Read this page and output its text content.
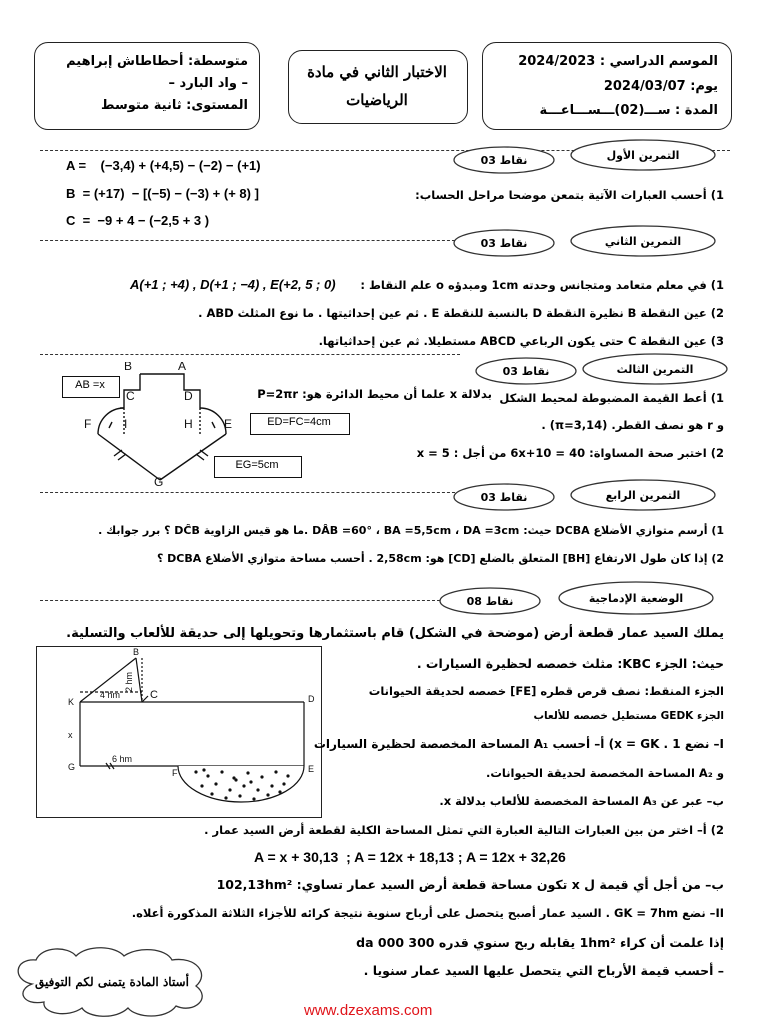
متوسطة: أحطاطاش إبراهيم
– واد البارد –
المستوى: ثانية متوسط
الاختبار الثاني في مادة
الرياضيات
الموسم الدراسي : 2024/2023
يوم: 2024/03/07
المدة : ســـ(02)ـــســـاعـــة
03 نقاط	التمرين الأول
A =    (−3,4) + (+4,5) − (−2) − (+1)
B  = (+17)  − [(−5) − (−3) + (+ 8) ]
C  =  −9 + 4 − (−2,5 + 3 )
1) أحسب العبارات الآتية بتمعن موضحا مراحل الحساب:
03 نقاط	التمرين الثاني
1) في معلم متعامد ومتجانس وحدته 1cm ومبدؤه o علم النقاط :
A(+1 ; +4) , D(+1 ; −4) , E(+2, 5 ; 0)
2) عين النقطة B نظيرة النقطة D بالنسبة للنقطة E . ثم عين إحداثيتها . ما نوع المثلث ABD .
3) عين النقطة C حتى يكون الرباعي ABCD مستطيلا. ثم عين إحداثياتها.
03 نقاط	التمرين الثالث
B	A
C	D
F	I	H	E
G
AB =x
ED=FC=4cm
EG=5cm
1) أعط القيمة المضبوطة لمحيط الشكل
بدلالة x علما أن محيط الدائرة هو: P=2πr
و r هو نصف القطر. (π=3,14) .
2) اختبر صحة المساواة: 6x+10 = 40 من أجل : x = 5
03 نقاط	التمرين الرابع
1) أرسم متوازي الأضلاع DCBA حيث: DÂB =60° ، BA =5,5cm ، DA =3cm .ما هو قيس الزاوية DĈB ؟ برر جوابك .
2) إذا كان طول الارتفاع [BH] المتعلق بالضلع [CD] هو: 2,58cm . أحسب مساحة متوازي الأضلاع DCBA ؟
08 نقاط	الوضعية الإدماجية
يملك السيد عمار قطعة أرض (موضحة في الشكل) قام باستثمارها وتحويلها إلى حديقة للألعاب والتسلية.
B
K
C	D
G
F	E
x
4 hm
6 hm
2 hm
حيث: الجزء KBC: مثلث خصصه لحظيرة السيارات .
الجزء المنقط: نصف قرص قطره [FE] خصصه لحديقة الحيوانات
الجزء GEDK مستطيل خصصه للألعاب
I– نضع x = GK . 1) أ– أحسب A₁ المساحة المخصصة لحظيرة السيارات
و A₂ المساحة المخصصة لحديقة الحيوانات.
ب– عبر عن A₃ المساحة المخصصة للألعاب بدلالة x.
2) أ– اختر من بين العبارات التالية العبارة التي تمثل المساحة الكلية لقطعة أرض السيد عمار .
A = x + 30,13  ; A = 12x + 18,13 ; A = 12x + 32,26
ب– من أجل أي قيمة ل x تكون مساحة قطعة أرض السيد عمار تساوي: 102,13hm²
II– نضع GK = 7hm . السيد عمار أصبح يتحصل على أرباح سنوية نتيجة كرائه للأجزاء الثلاثة المذكورة أعلاه.
إذا علمت أن كراء 1hm² يقابله ربح سنوي قدره 300 000 da
– أحسب قيمة الأرباح التي يتحصل عليها السيد عمار سنويا .
أستاذ المادة يتمنى لكم التوفيق
www.dzexams.com
